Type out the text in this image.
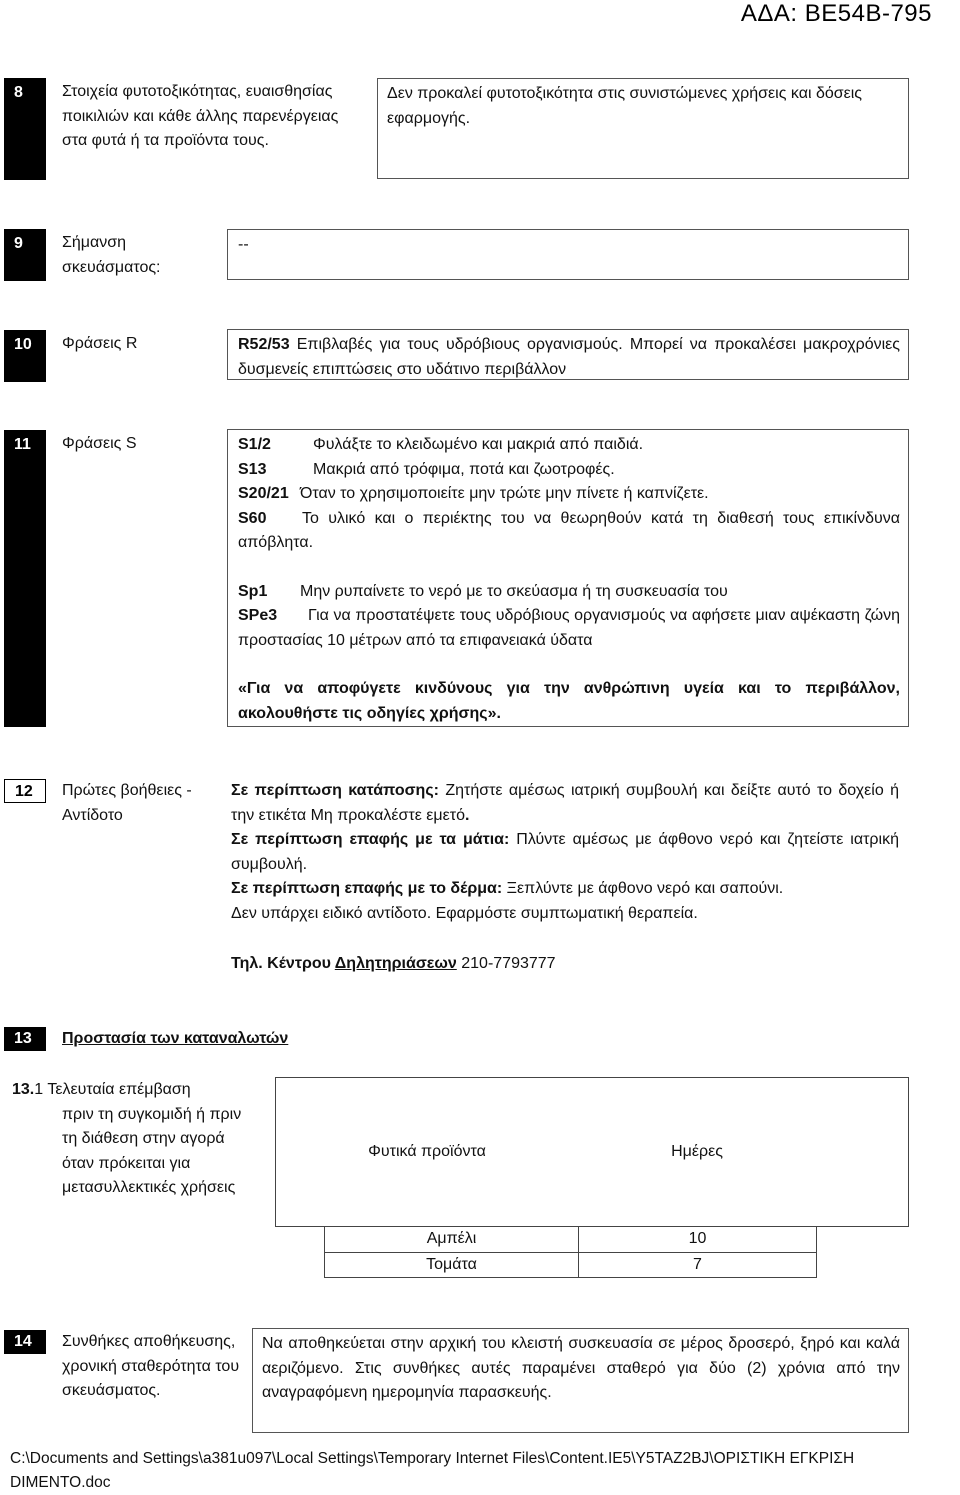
ΑΔΑ: ΒΕ54Β-795
8	Στοιχεία φυτοτοξικότητας, ευαισθησίας ποικιλιών και κάθε άλλης παρενέργειας στα φυτά ή τα προϊόντα τους.
Δεν προκαλεί φυτοτοξικότητα στις συνιστώμενες χρήσεις και δόσεις εφαρμογής.
9	Σήμανση σκευάσματος:
--
10	Φράσεις R	R52/53 Επιβλαβές για τους υδρόβιους οργανισμούς. Μπορεί να προκαλέσει μακροχρόνιες δυσμενείς επιπτώσεις στο υδάτινο περιβάλλον
11	Φράσεις S	S1/2	Φυλάξτε το κλειδωμένο και μακριά από παιδιά.
S13	Μακριά από τρόφιμα, ποτά και ζωοτροφές.
S20/21 Όταν το χρησιμοποιείτε μην τρώτε μην πίνετε ή καπνίζετε.
S60 Το υλικό και ο περιέκτης του να θεωρηθούν κατά τη διαθεσή τους επικίνδυνα απόβλητα.
Sp1 Μην ρυπαίνετε το νερό με το σκεύασμα ή τη συσκευασία του
SPe3 Για να προστατέψετε τους υδρόβιους οργανισμούς να αφήσετε μιαν αψέκαστη ζώνη προστασίας 10 μέτρων από τα επιφανειακά ύδατα
«Για να αποφύγετε κινδύνους για την ανθρώπινη υγεία και το περιβάλλον, ακολουθήστε τις οδηγίες χρήσης».
12	Πρώτες βοήθειες - Αντίδοτο
Σε περίπτωση κατάποσης: Ζητήστε αμέσως ιατρική συμβουλή και δείξτε αυτό το δοχείο ή την ετικέτα Μη προκαλέστε εμετό.
Σε περίπτωση επαφής με τα μάτια: Πλύντε αμέσως με άφθονο νερό και ζητείστε ιατρική συμβουλή.
Σε περίπτωση επαφής με το δέρμα: Ξεπλύντε με άφθονο νερό και σαπούνι.
Δεν υπάρχει ειδικό αντίδοτο. Εφαρμόστε συμπτωματική θεραπεία.
Τηλ. Κέντρου Δηλητηριάσεων 210-7793777
13	Προστασία των καταναλωτών
13.1 Τελευταία επέμβαση
πριν τη συγκομιδή ή πριν τη διάθεση στην αγορά όταν πρόκειται για μετασυλλεκτικές χρήσεις
Φυτικά προϊόντα	Ημέρες
Αμπέλι	10
Τομάτα	7
14	Συνθήκες αποθήκευσης, χρονική σταθερότητα του σκευάσματος.
Να αποθηκεύεται στην αρχική του κλειστή συσκευασία σε μέρος δροσερό, ξηρό και καλά αεριζόμενο. Στις συνθήκες αυτές παραμένει σταθερό για δύο (2) χρόνια από την αναγραφόμενη ημερομηνία παρασκευής.
C:\Documents and Settings\a381u097\Local Settings\Temporary Internet Files\Content.IE5\Y5TAZ2BJ\ΟΡΙΣΤΙΚΗ ΕΓΚΡΙΣΗ DIMENTO.doc
